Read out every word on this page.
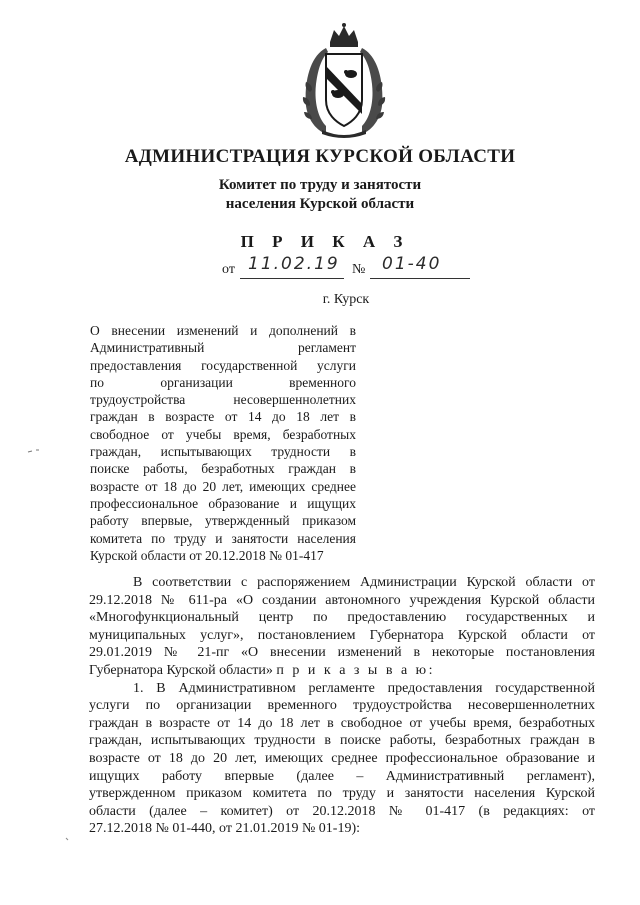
АДМИНИСТРАЦИЯ КУРСКОЙ ОБЛАСТИ
Комитет по труду и занятости
населения Курской области
П Р И К А З
от 11.02.19 № 01-40
г. Курск
О внесении изменений и дополнений в
Административный регламент
предоставления государственной услуги
по организации временного
трудоустройства несовершеннолетних
граждан в возрасте от 14 до 18 лет в
свободное от учебы время, безработных
граждан, испытывающих трудности в
поиске работы, безработных граждан в
возрасте от 18 до 20 лет, имеющих среднее
профессиональное образование и ищущих
работу впервые, утвержденный приказом
комитета по труду и занятости населения
Курской области от 20.12.2018 № 01-417
В соответствии с распоряжением Администрации Курской области от
29.12.2018 № 611-ра «О создании автономного учреждения Курской области
«Многофункциональный центр по предоставлению государственных и
муниципальных услуг», постановлением Губернатора Курской области от
29.01.2019 № 21-пг «О внесении изменений в некоторые постановления
Губернатора Курской области» п р и к а з ы в а ю:
1. В Административном регламенте предоставления государственной
услуги по организации временного трудоустройства несовершеннолетних
граждан в возрасте от 14 до 18 лет в свободное от учебы время, безработных
граждан, испытывающих трудности в поиске работы, безработных граждан в
возрасте от 18 до 20 лет, имеющих среднее профессиональное образование и
ищущих работу впервые (далее – Административный регламент),
утвержденном приказом комитета по труду и занятости населения Курской
области (далее – комитет) от 20.12.2018 № 01-417 (в редакциях: от
27.12.2018 № 01-440, от 21.01.2019 № 01-19):
